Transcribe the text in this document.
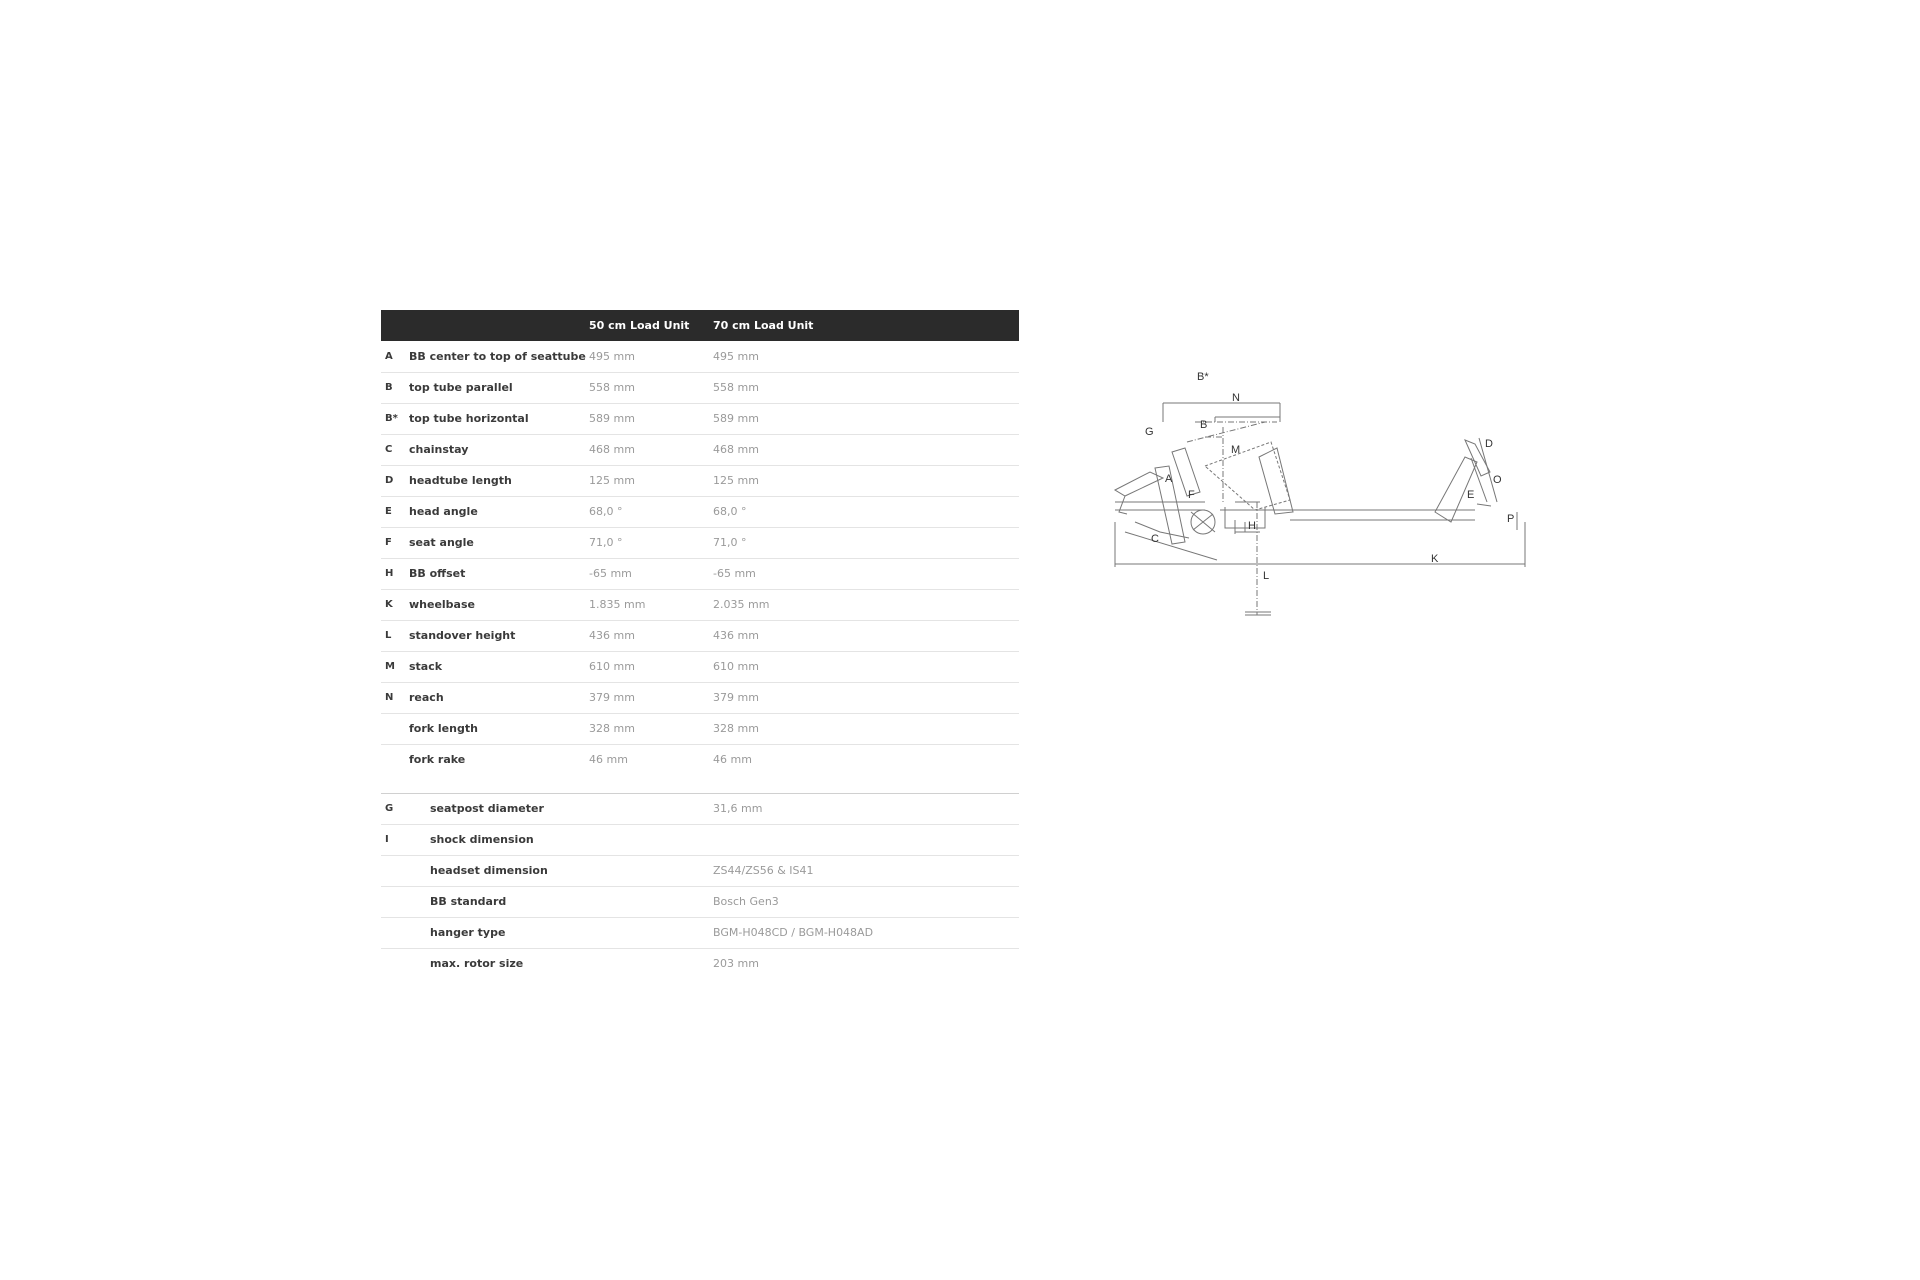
		50 cm Load Unit	70 cm Load Unit
A	BB center to top of seattube	495 mm	495 mm
B	top tube parallel	558 mm	558 mm
B*	top tube horizontal	589 mm	589 mm
C	chainstay	468 mm	468 mm
D	headtube length	125 mm	125 mm
E	head angle	68,0 °	68,0 °
F	seat angle	71,0 °	71,0 °
H	BB offset	-65 mm	-65 mm
K	wheelbase	1.835 mm	2.035 mm
L	standover height	436 mm	436 mm
M	stack	610 mm	610 mm
N	reach	379 mm	379 mm
	fork length	328 mm	328 mm
	fork rake	46 mm	46 mm

G	seatpost diameter		31,6 mm
I	shock dimension		
	headset dimension		ZS44/ZS56 & IS41
	BB standard		Bosch Gen3
	hanger type		BGM-H048CD / BGM-H048AD
	max. rotor size		203 mm
B*
N
G
B
M
A
F
H
C
L
K
D
O
E
P
